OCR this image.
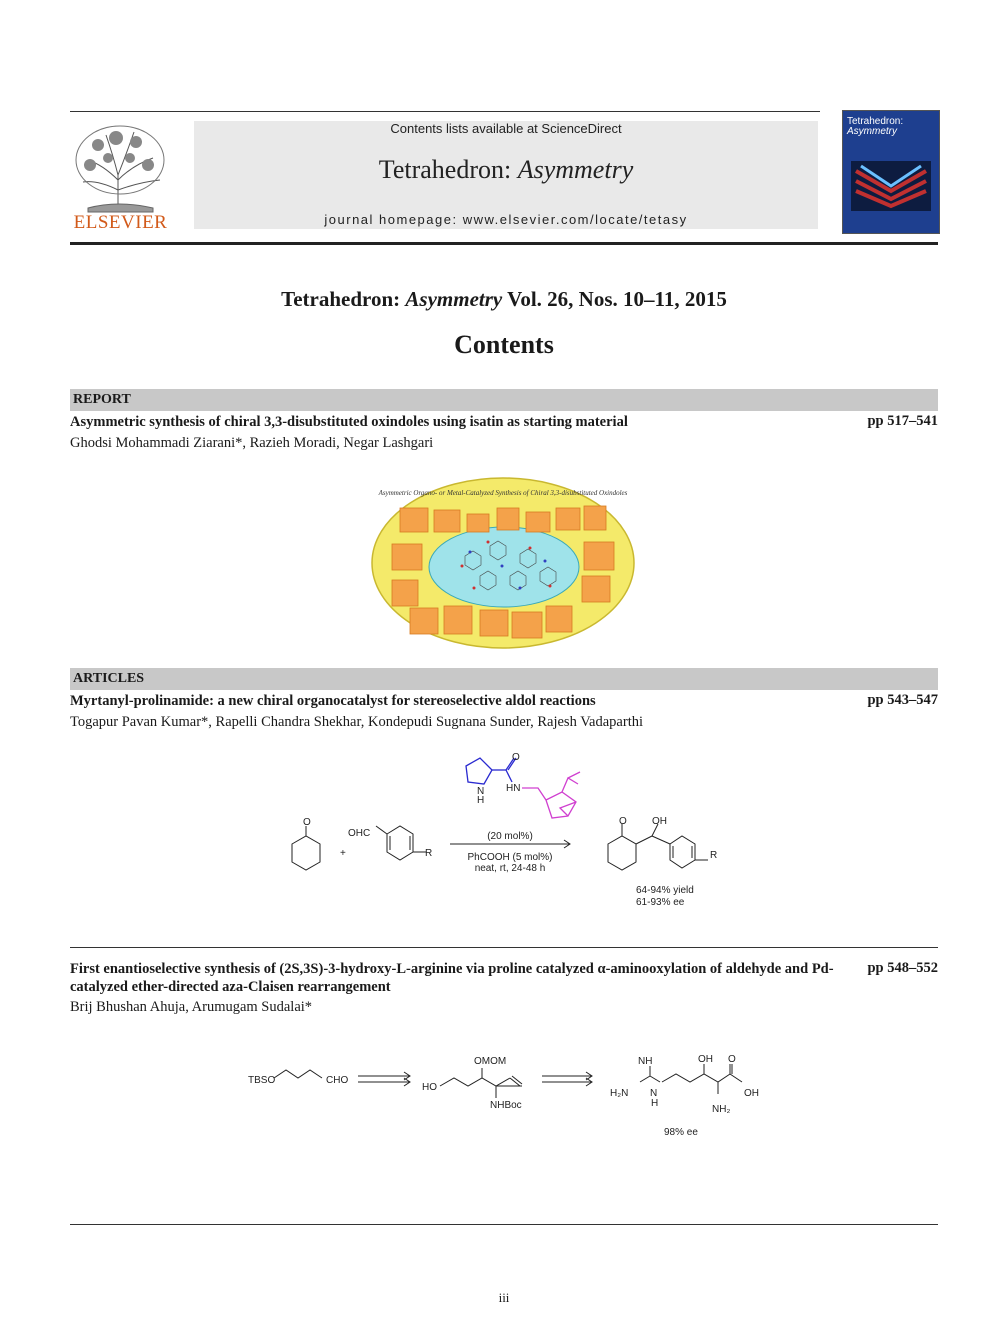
ELSEVIER
Contents lists available at ScienceDirect
Tetrahedron: Asymmetry
journal homepage: www.elsevier.com/locate/tetasy
Tetrahedron:
Asymmetry
Tetrahedron: Asymmetry Vol. 26, Nos. 10–11, 2015
Contents
REPORT
Asymmetric synthesis of chiral 3,3-disubstituted oxindoles using isatin as starting material	pp 517–541
Ghodsi Mohammadi Ziarani*, Razieh Moradi, Negar Lashgari
Asymmetric Organo- or Metal-Catalyzed Synthesis of Chiral 3,3-disubstituted Oxindoles
ARTICLES
Myrtanyl-prolinamide: a new chiral organocatalyst for stereoselective aldol reactions	pp 543–547
Togapur Pavan Kumar*, Rapelli Chandra Shekhar, Kondepudi Sugnana Sunder, Rajesh Vadaparthi
N
H
O
HN
O
+
OHC
R
(20 mol%)
PhCOOH (5 mol%)
neat, rt, 24-48 h
O	OH
R
64-94% yield
61-93% ee
First enantioselective synthesis of (2S,3S)-3-hydroxy-L-arginine via proline catalyzed α-aminooxylation of aldehyde and Pd-catalyzed ether-directed aza-Claisen rearrangement
pp 548–552
Brij Bhushan Ahuja, Arumugam Sudalai*
TBSO	CHO
OMOM
HO
NHBoc
NH
H₂N N
H
OH O
OH
NH₂
98% ee
iii
